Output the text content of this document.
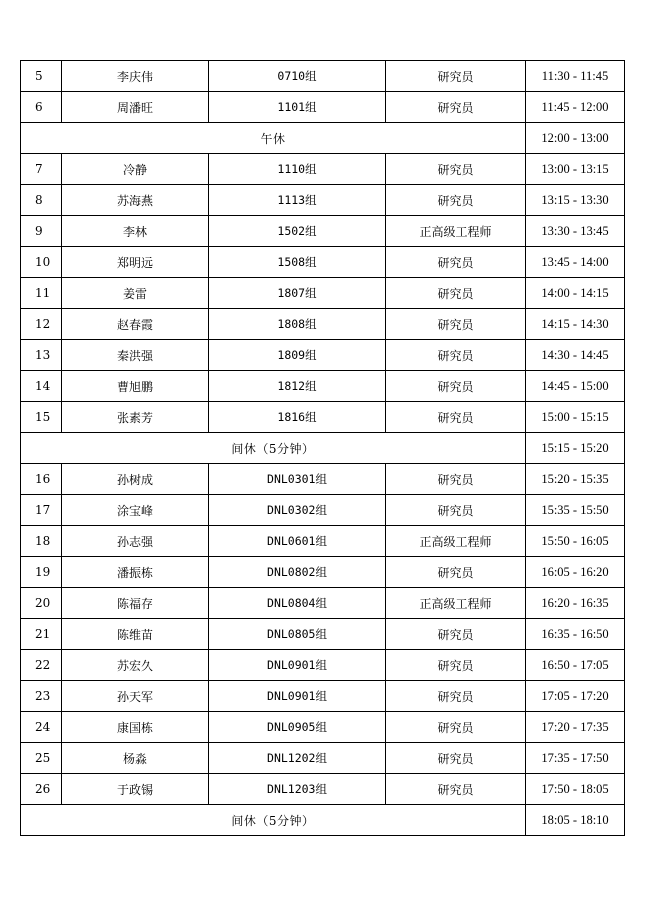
5	李庆伟	0710组	研究员	11:30 - 11:45
6	周潘旺	1101组	研究员	11:45 - 12:00
午休				12:00 - 13:00
7	冷静	1110组	研究员	13:00 - 13:15
8	苏海燕	1113组	研究员	13:15 - 13:30
9	李林	1502组	正高级工程师	13:30 - 13:45
10	郑明远	1508组	研究员	13:45 - 14:00
11	姜雷	1807组	研究员	14:00 - 14:15
12	赵春霞	1808组	研究员	14:15 - 14:30
13	秦洪强	1809组	研究员	14:30 - 14:45
14	曹旭鹏	1812组	研究员	14:45 - 15:00
15	张素芳	1816组	研究员	15:00 - 15:15
间休（5分钟）				15:15 - 15:20
16	孙树成	DNL0301组	研究员	15:20 - 15:35
17	涂宝峰	DNL0302组	研究员	15:35 - 15:50
18	孙志强	DNL0601组	正高级工程师	15:50 - 16:05
19	潘振栋	DNL0802组	研究员	16:05 - 16:20
20	陈福存	DNL0804组	正高级工程师	16:20 - 16:35
21	陈维苗	DNL0805组	研究员	16:35 - 16:50
22	苏宏久	DNL0901组	研究员	16:50 - 17:05
23	孙天军	DNL0901组	研究员	17:05 - 17:20
24	康国栋	DNL0905组	研究员	17:20 - 17:35
25	杨淼	DNL1202组	研究员	17:35 - 17:50
26	于政锡	DNL1203组	研究员	17:50 - 18:05
间休（5分钟）				18:05 - 18:10
